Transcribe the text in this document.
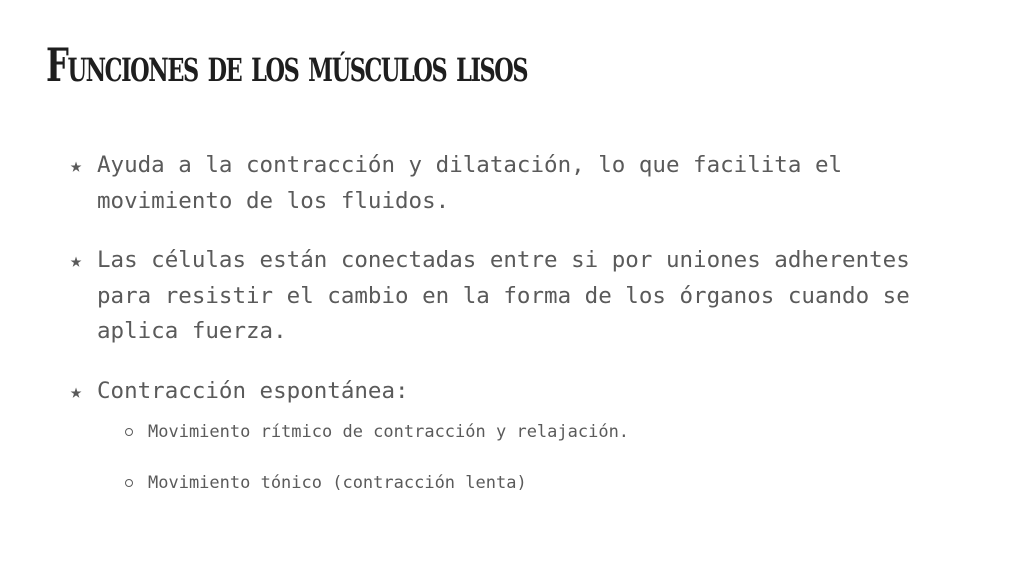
Funciones de los músculos lisos
★ Ayuda a la contracción y dilatación, lo que facilita el movimiento de los fluidos.
★ Las células están conectadas entre si por uniones adherentes para resistir el cambio en la forma de los órganos cuando se aplica fuerza.
★ Contracción espontánea:
Movimiento rítmico de contracción y relajación.
Movimiento tónico (contracción lenta)
